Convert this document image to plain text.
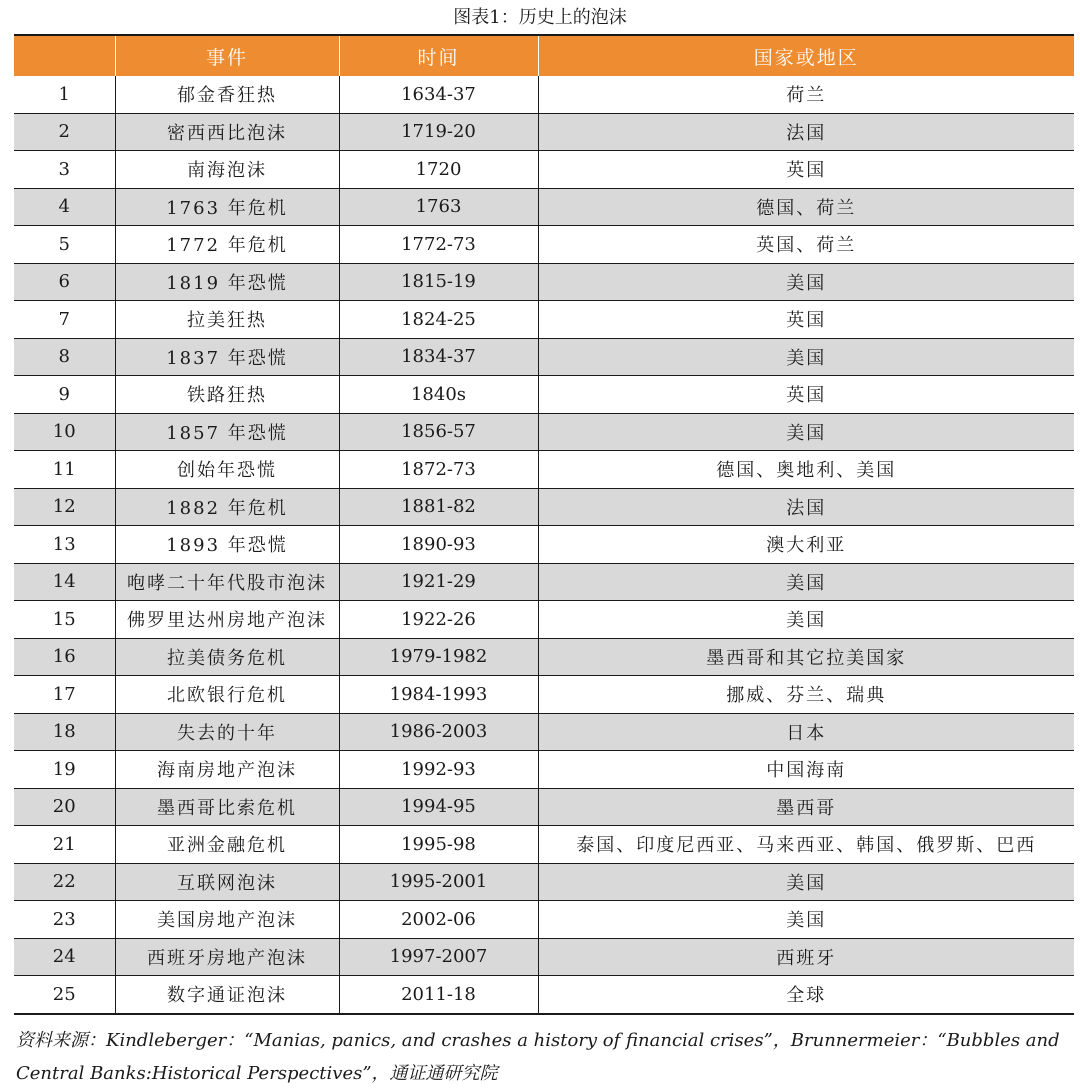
图表1：历史上的泡沫
	事件	时间	国家或地区
1	郁金香狂热	1634-37	荷兰
2	密西西比泡沫	1719-20	法国
3	南海泡沫	1720	英国
4	1763 年危机	1763	德国、荷兰
5	1772 年危机	1772-73	英国、荷兰
6	1819 年恐慌	1815-19	美国
7	拉美狂热	1824-25	英国
8	1837 年恐慌	1834-37	美国
9	铁路狂热	1840s	英国
10	1857 年恐慌	1856-57	美国
11	创始年恐慌	1872-73	德国、奥地利、美国
12	1882 年危机	1881-82	法国
13	1893 年恐慌	1890-93	澳大利亚
14	咆哮二十年代股市泡沫	1921-29	美国
15	佛罗里达州房地产泡沫	1922-26	美国
16	拉美债务危机	1979-1982	墨西哥和其它拉美国家
17	北欧银行危机	1984-1993	挪威、芬兰、瑞典
18	失去的十年	1986-2003	日本
19	海南房地产泡沫	1992-93	中国海南
20	墨西哥比索危机	1994-95	墨西哥
21	亚洲金融危机	1995-98	泰国、印度尼西亚、马来西亚、韩国、俄罗斯、巴西
22	互联网泡沫	1995-2001	美国
23	美国房地产泡沫	2002-06	美国
24	西班牙房地产泡沫	1997-2007	西班牙
25	数字通证泡沫	2011-18	全球
资料来源：Kindleberger：“Manias, panics, and crashes a history of financial crises”，Brunnermeier：“Bubbles and Central Banks:Historical Perspectives”，通证通研究院
